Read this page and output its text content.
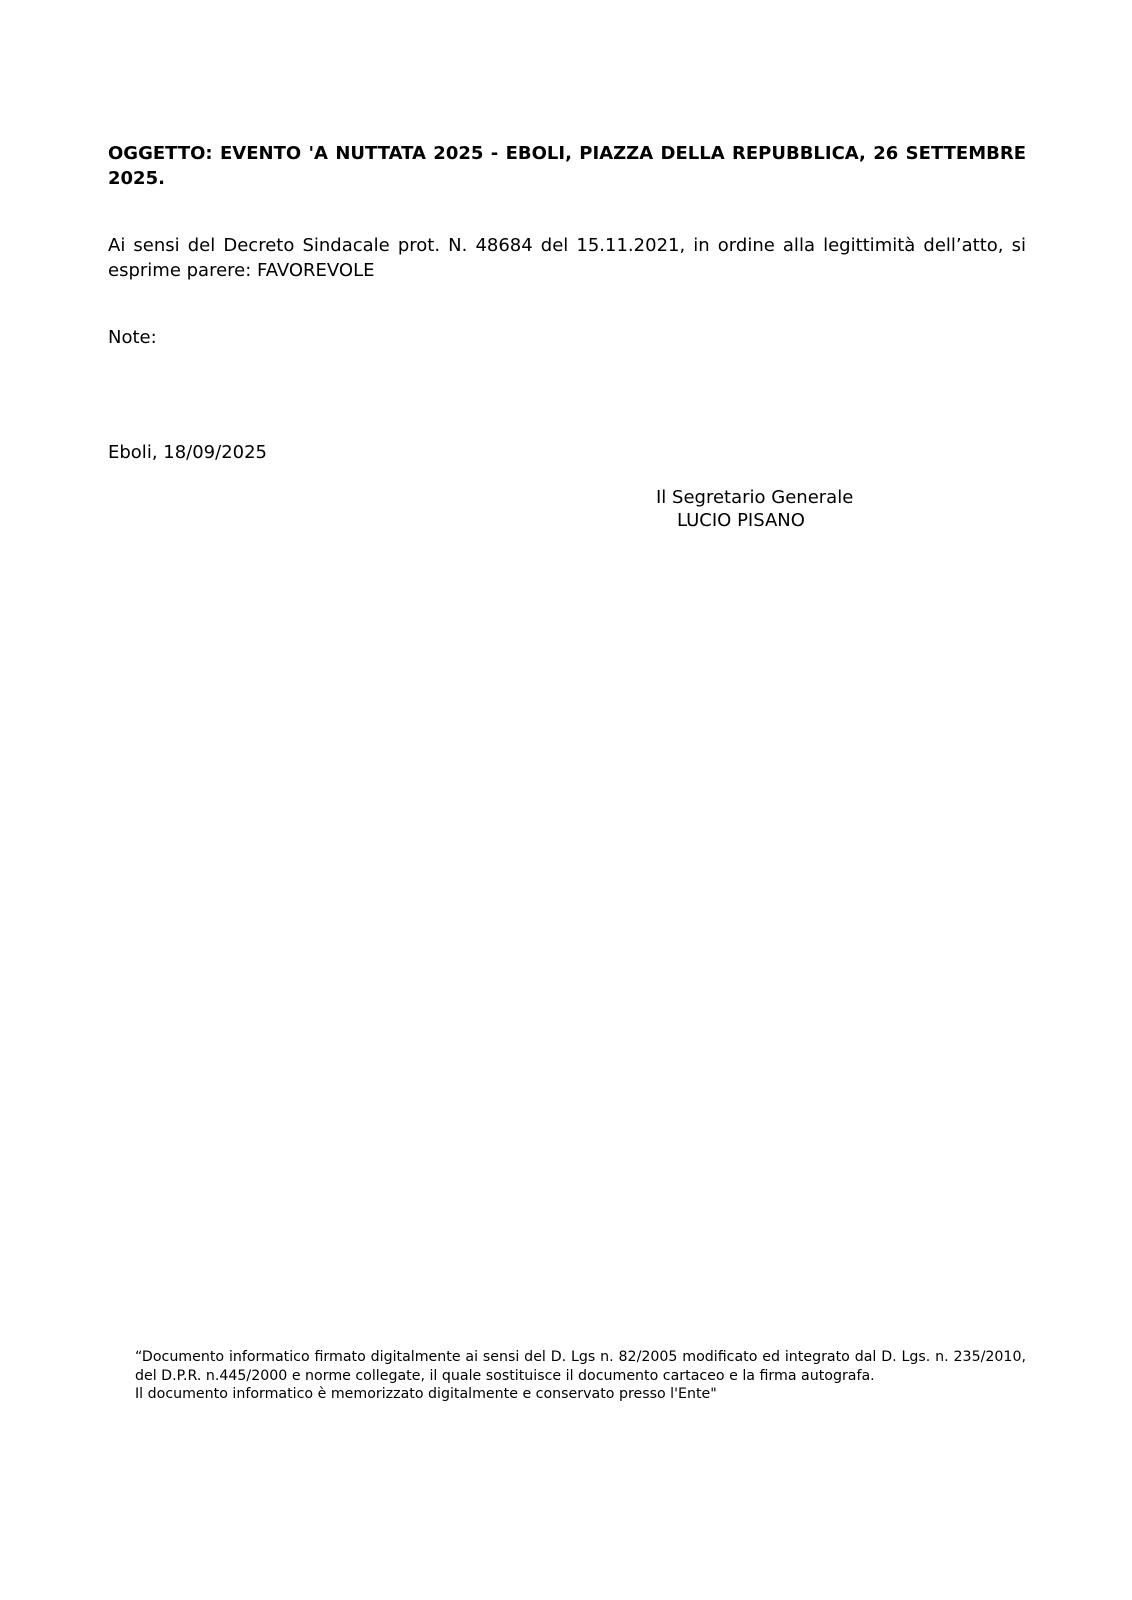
OGGETTO: EVENTO 'A NUTTATA 2025 - EBOLI, PIAZZA DELLA REPUBBLICA, 26 SETTEMBRE 2025.

Ai sensi del Decreto Sindacale prot. N. 48684 del 15.11.2021, in ordine alla legittimità dell’atto, si esprime parere: FAVOREVOLE

Note:

Eboli, 18/09/2025

Il Segretario Generale
LUCIO PISANO
“Documento informatico firmato digitalmente ai sensi del D. Lgs n. 82/2005 modificato ed integrato dal D. Lgs. n. 235/2010, del D.P.R. n.445/2000 e norme collegate, il quale sostituisce il documento cartaceo e la firma autografa.
Il documento informatico è memorizzato digitalmente e conservato presso l'Ente"
